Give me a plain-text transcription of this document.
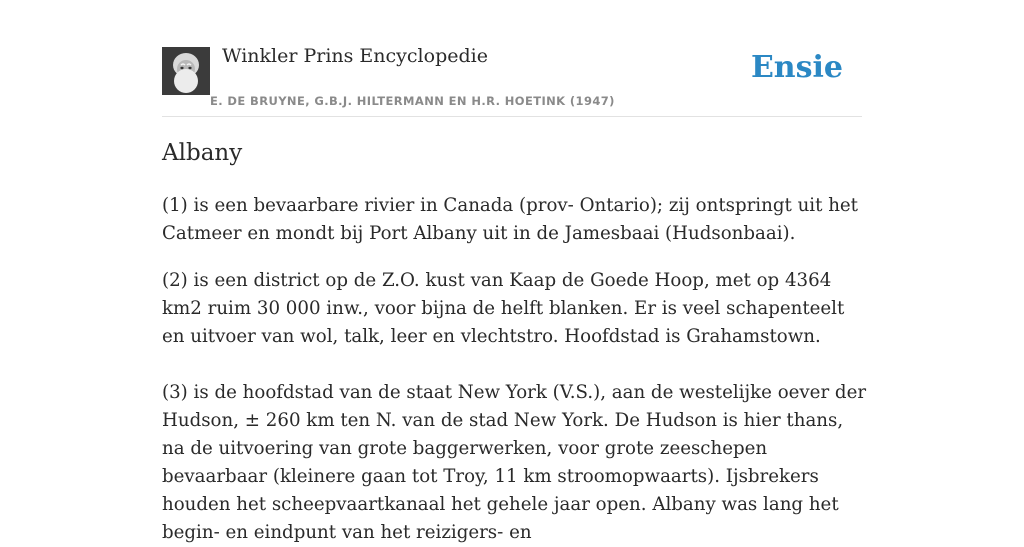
Winkler Prins Encyclopedie
E. DE BRUYNE, G.B.J. HILTERMANN EN H.R. HOETINK (1947)
Ensie
Albany

(1) is een bevaarbare rivier in Canada (prov- Ontario); zij ontspringt uit het Catmeer en mondt bij Port Albany uit in de Jamesbaai (Hudsonbaai).

(2) is een district op de Z.O. kust van Kaap de Goede Hoop, met op 4364 km2 ruim 30 000 inw., voor bijna de helft blanken. Er is veel schapenteelt en uitvoer van wol, talk, leer en vlechtstro. Hoofdstad is Grahamstown.

(3) is de hoofdstad van de staat New York (V.S.), aan de westelijke oever der Hudson, ± 260 km ten N. van de stad New York. De Hudson is hier thans, na de uitvoering van grote baggerwerken, voor grote zeeschepen bevaarbaar (kleinere gaan tot Troy, 11 km stroomopwaarts). Ijsbrekers houden het scheepvaartkanaal het gehele jaar open. Albany was lang het begin- en eindpunt van het reizigers- en
